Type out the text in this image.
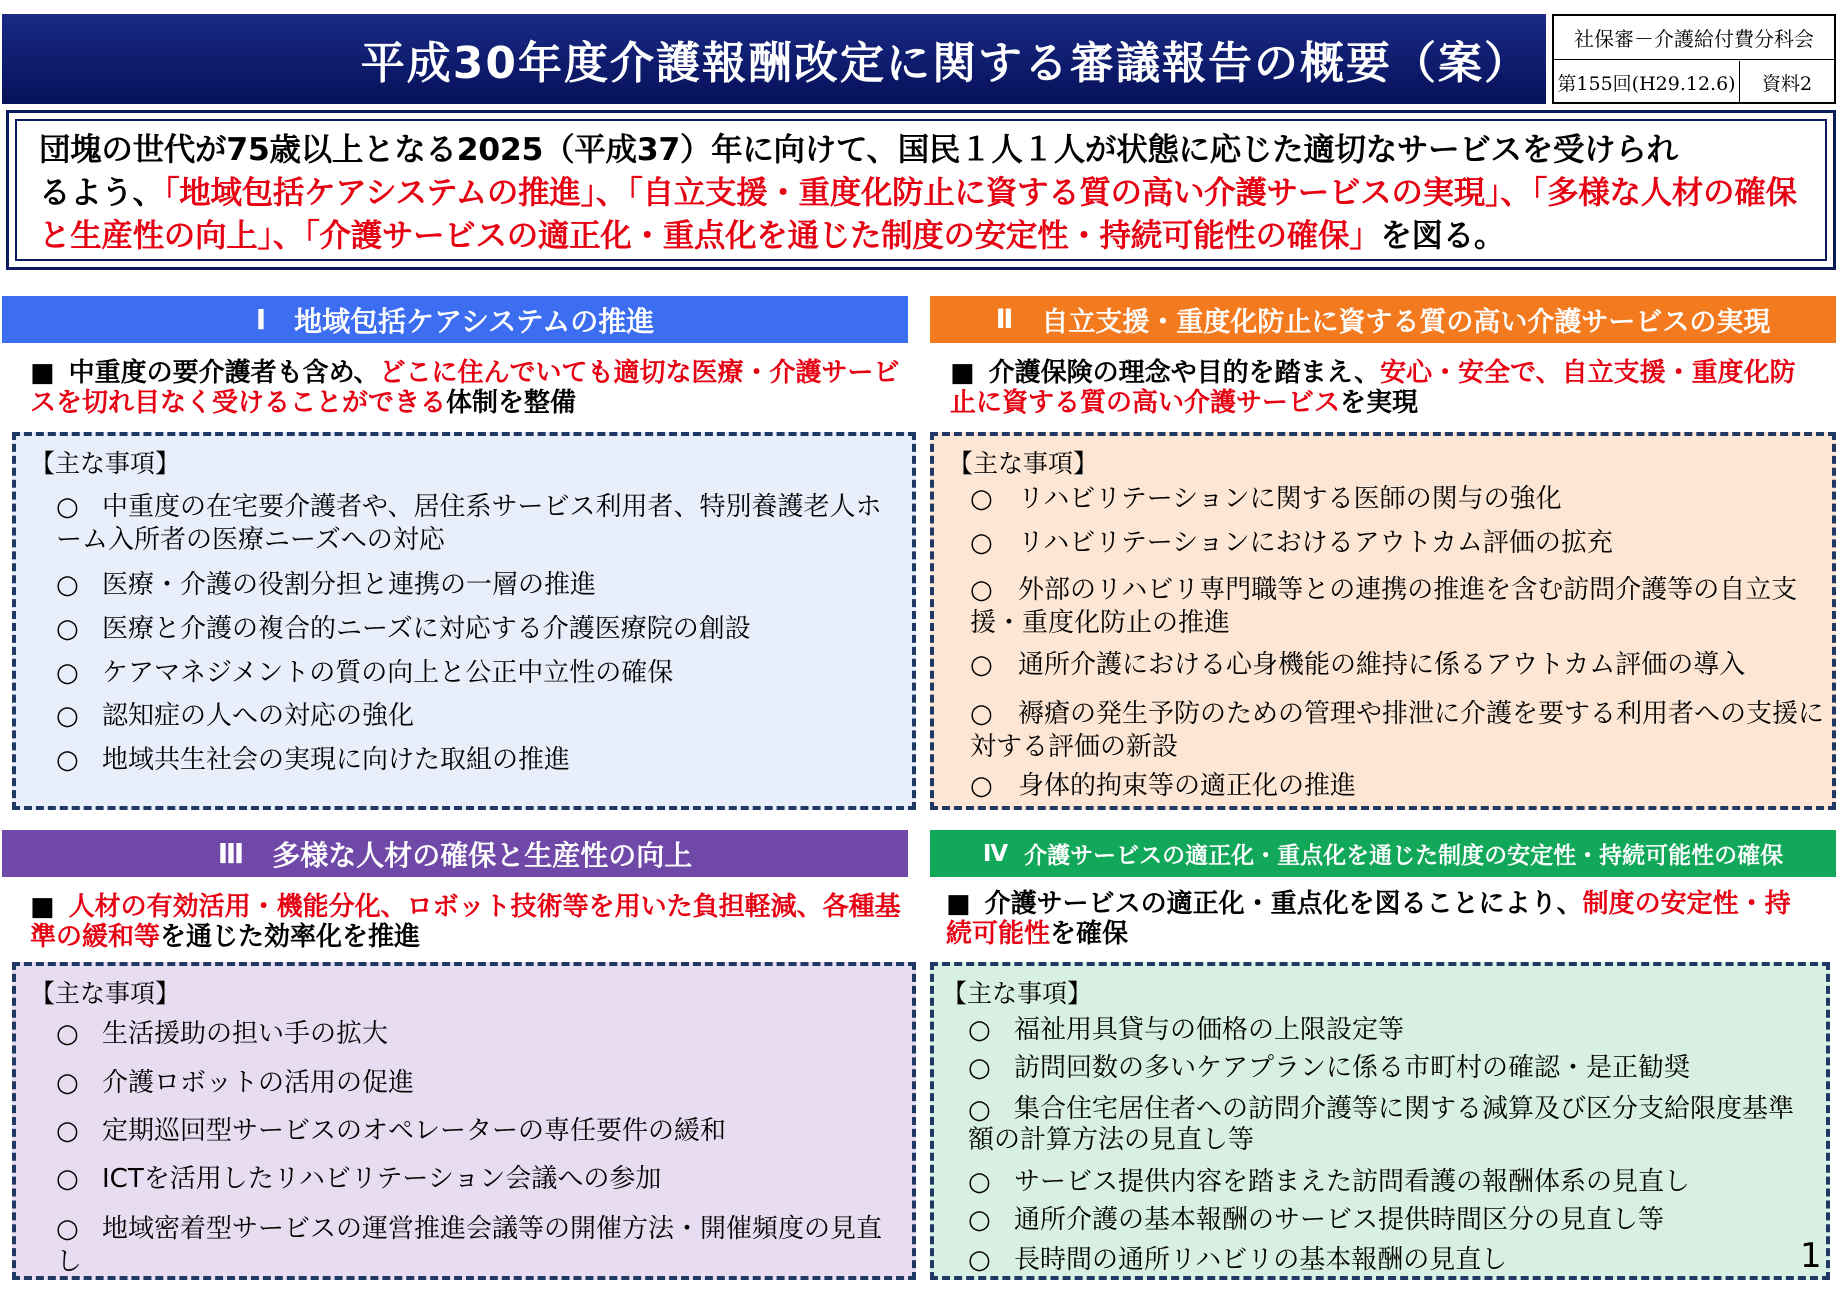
平成30年度介護報酬改定に関する審議報告の概要（案）	社保審－介護給付費分科会
第155回(H29.12.6)	資料2
団塊の世代が75歳以上となる2025（平成37）年に向けて、国民１人１人が状態に応じた適切なサービスを受けられ
るよう、「地域包括ケアシステムの推進」、「自立支援・重度化防止に資する質の高い介護サービスの実現」、「多様な人材の確保と生産性の向上」、「介護サービスの適正化・重点化を通じた制度の安定性・持続可能性の確保」を図る。
Ⅰ 地域包括ケアシステムの推進
■ 中重度の要介護者も含め、どこに住んでいても適切な医療・介護サービスを切れ目なく受けることができる体制を整備
【主な事項】
○ 中重度の在宅要介護者や、居住系サービス利用者、特別養護老人ホーム入所者の医療ニーズへの対応
○ 医療・介護の役割分担と連携の一層の推進
○ 医療と介護の複合的ニーズに対応する介護医療院の創設
○ ケアマネジメントの質の向上と公正中立性の確保
○ 認知症の人への対応の強化
○ 地域共生社会の実現に向けた取組の推進
Ⅱ 自立支援・重度化防止に資する質の高い介護サービスの実現
■ 介護保険の理念や目的を踏まえ、安心・安全で、自立支援・重度化防止に資する質の高い介護サービスを実現
【主な事項】
○ リハビリテーションに関する医師の関与の強化
○ リハビリテーションにおけるアウトカム評価の拡充
○ 外部のリハビリ専門職等との連携の推進を含む訪問介護等の自立支援・重度化防止の推進
○ 通所介護における心身機能の維持に係るアウトカム評価の導入
○ 褥瘡の発生予防のための管理や排泄に介護を要する利用者への支援に対する評価の新設
○ 身体的拘束等の適正化の推進
Ⅲ 多様な人材の確保と生産性の向上
■ 人材の有効活用・機能分化、ロボット技術等を用いた負担軽減、各種基準の緩和等を通じた効率化を推進
【主な事項】
○ 生活援助の担い手の拡大
○ 介護ロボットの活用の促進
○ 定期巡回型サービスのオペレーターの専任要件の緩和
○ ICTを活用したリハビリテーション会議への参加
○ 地域密着型サービスの運営推進会議等の開催方法・開催頻度の見直し
Ⅳ 介護サービスの適正化・重点化を通じた制度の安定性・持続可能性の確保
■ 介護サービスの適正化・重点化を図ることにより、制度の安定性・持続可能性を確保
【主な事項】
○ 福祉用具貸与の価格の上限設定等
○ 訪問回数の多いケアプランに係る市町村の確認・是正勧奨
○ 集合住宅居住者への訪問介護等に関する減算及び区分支給限度基準額の計算方法の見直し等
○ サービス提供内容を踏まえた訪問看護の報酬体系の見直し
○ 通所介護の基本報酬のサービス提供時間区分の見直し等
○ 長時間の通所リハビリの基本報酬の見直し	1
